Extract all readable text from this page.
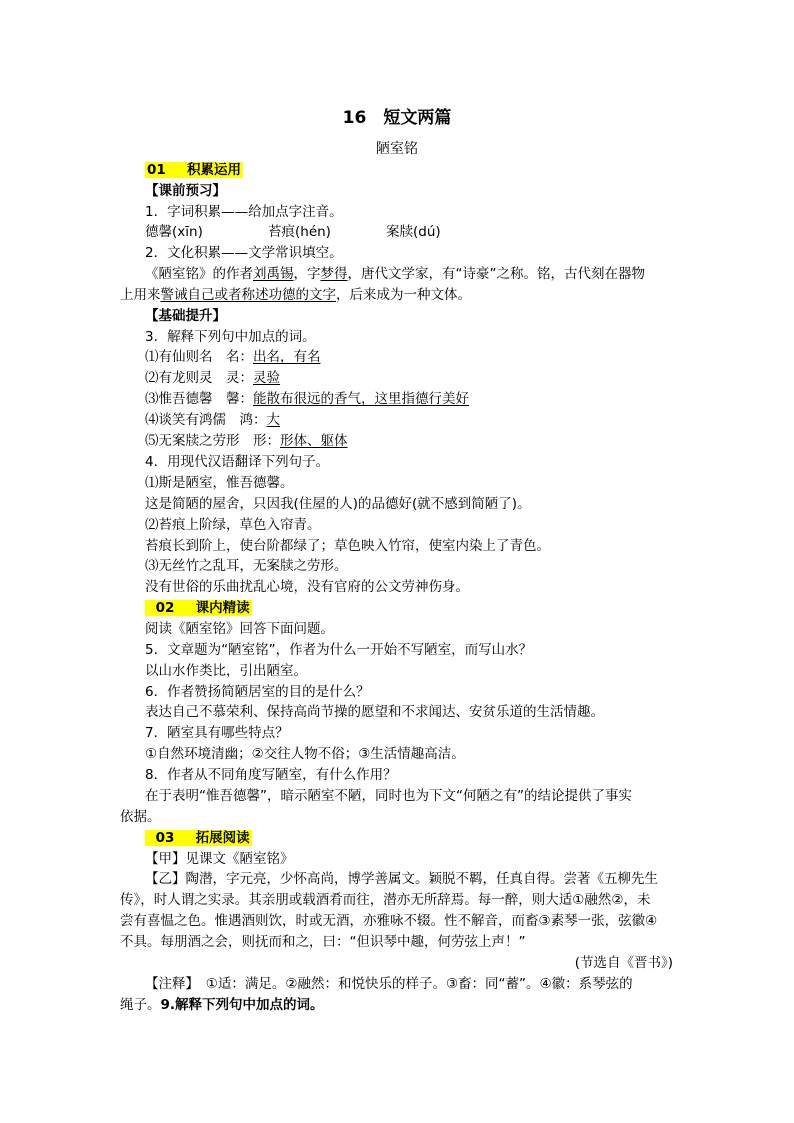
16　短文两篇
陋室铭
01 积累运用
【课前预习】
1．字词积累——给加点字注音。
德馨(xīn)	苔痕(hén)	案牍(dú)
2．文化积累——文学常识填空。
《陋室铭》的作者刘禹锡，字梦得，唐代文学家，有“诗豪”之称。铭，古代刻在器物
上用来警诫自己或者称述功德的文字，后来成为一种文体。
【基础提升】
3．解释下列句中加点的词。
⑴有仙则名　名：出名，有名
⑵有龙则灵　灵：灵验
⑶惟吾德馨　馨：能散布很远的香气，这里指德行美好
⑷谈笑有鸿儒　鸿：大
⑸无案牍之劳形　形：形体、躯体
4．用现代汉语翻译下列句子。
⑴斯是陋室，惟吾德馨。
这是简陋的屋舍，只因我(住屋的人)的品德好(就不感到简陋了)。
⑵苔痕上阶绿，草色入帘青。
苔痕长到阶上，使台阶都绿了；草色映入竹帘，使室内染上了青色。
⑶无丝竹之乱耳，无案牍之劳形。
没有世俗的乐曲扰乱心境，没有官府的公文劳神伤身。
02 课内精读
阅读《陋室铭》回答下面问题。
5．文章题为“陋室铭”，作者为什么一开始不写陋室，而写山水？
以山水作类比，引出陋室。
6．作者赞扬简陋居室的目的是什么？
表达自己不慕荣利、保持高尚节操的愿望和不求闻达、安贫乐道的生活情趣。
7．陋室具有哪些特点？
①自然环境清幽；②交往人物不俗；③生活情趣高洁。
8．作者从不同角度写陋室，有什么作用？
在于表明“惟吾德馨”，暗示陋室不陋，同时也为下文“何陋之有”的结论提供了事实
依据。
03 拓展阅读
【甲】见课文《陋室铭》
【乙】陶潜，字元亮，少怀高尚，博学善属文。颖脱不羁，任真自得。尝著《五柳先生
传》，时人谓之实录。其亲朋或载酒肴而往，潜亦无所辞焉。每一醉，则大适①融然②，未
尝有喜愠之色。惟遇酒则饮，时或无酒，亦雅咏不辍。性不解音，而畜③素琴一张，弦徽④
不具。每朋酒之会，则抚而和之，曰：“但识琴中趣，何劳弦上声！”
(节选自《晋书》)
【注释】　①适：满足。②融然：和悦快乐的样子。③畜：同“蓄”。④徽：系琴弦的
绳子。9.解释下列句中加点的词。
